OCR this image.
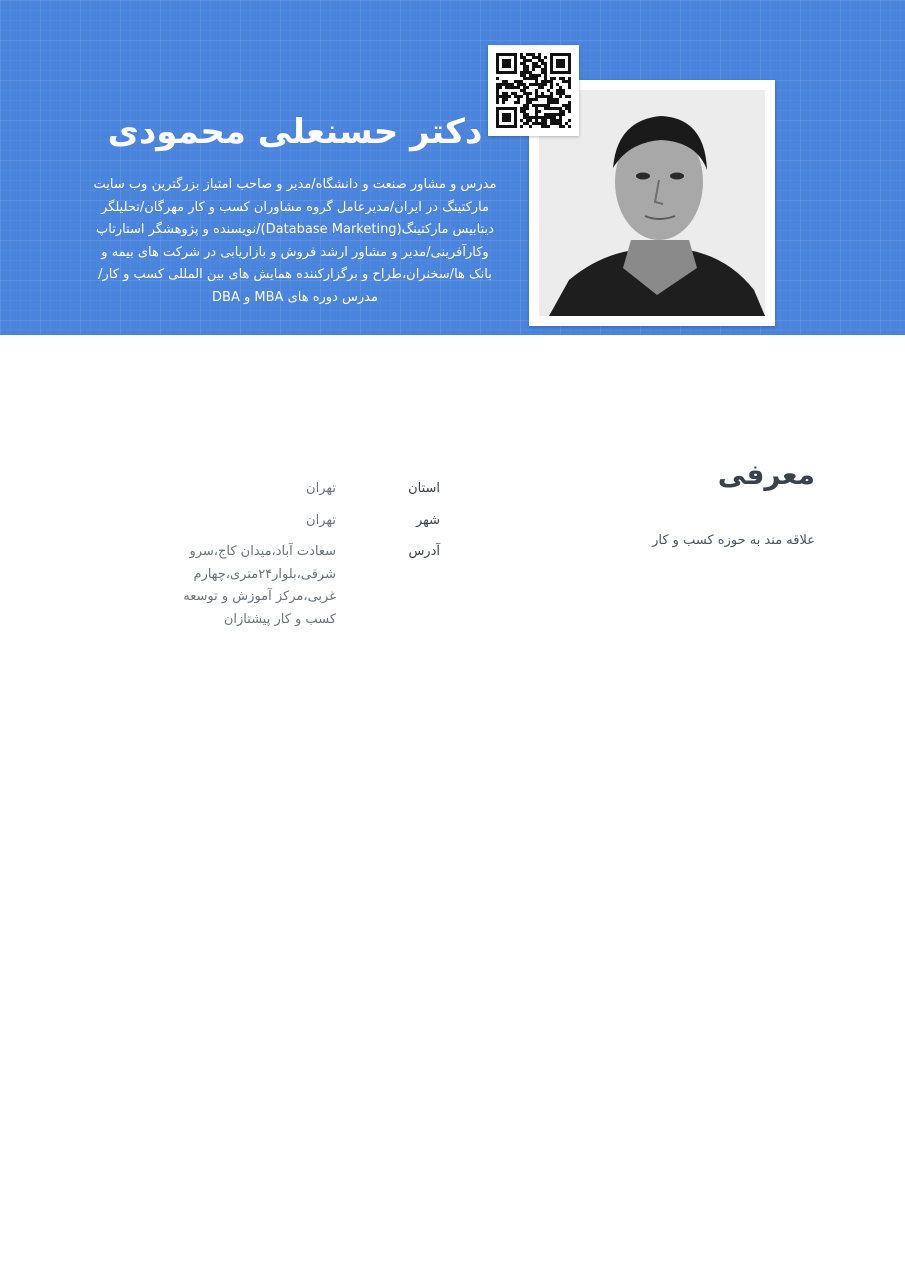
دکتر حسنعلی محمودی

مدرس و مشاور صنعت و دانشگاه/مدیر و صاحب امتیاز بزرگترین وب سایت مارکتینگ در ایران/مدیرعامل گروه مشاوران کسب و کار مهرگان/تحلیلگر دیتابیس مارکتینگ(Database Marketing)/نویسنده و پژوهشگر استارتاپ وکارآفرینی/مدیر و مشاور ارشد فروش و بازاریابی در شرکت های بیمه و بانک ها/سخنران،طراح و برگزارکننده همایش های بین المللی کسب و کار/مدرس دوره های MBA و DBA

معرفی

علاقه مند به حوزه کسب و کار

استان
تهران
شهر
تهران
آدرس
سعادت آباد،میدان کاج،سرو شرقی،بلوار۲۴متری،چهارم غربی،مرکز آموزش و توسعه کسب و کار پیشتازان
